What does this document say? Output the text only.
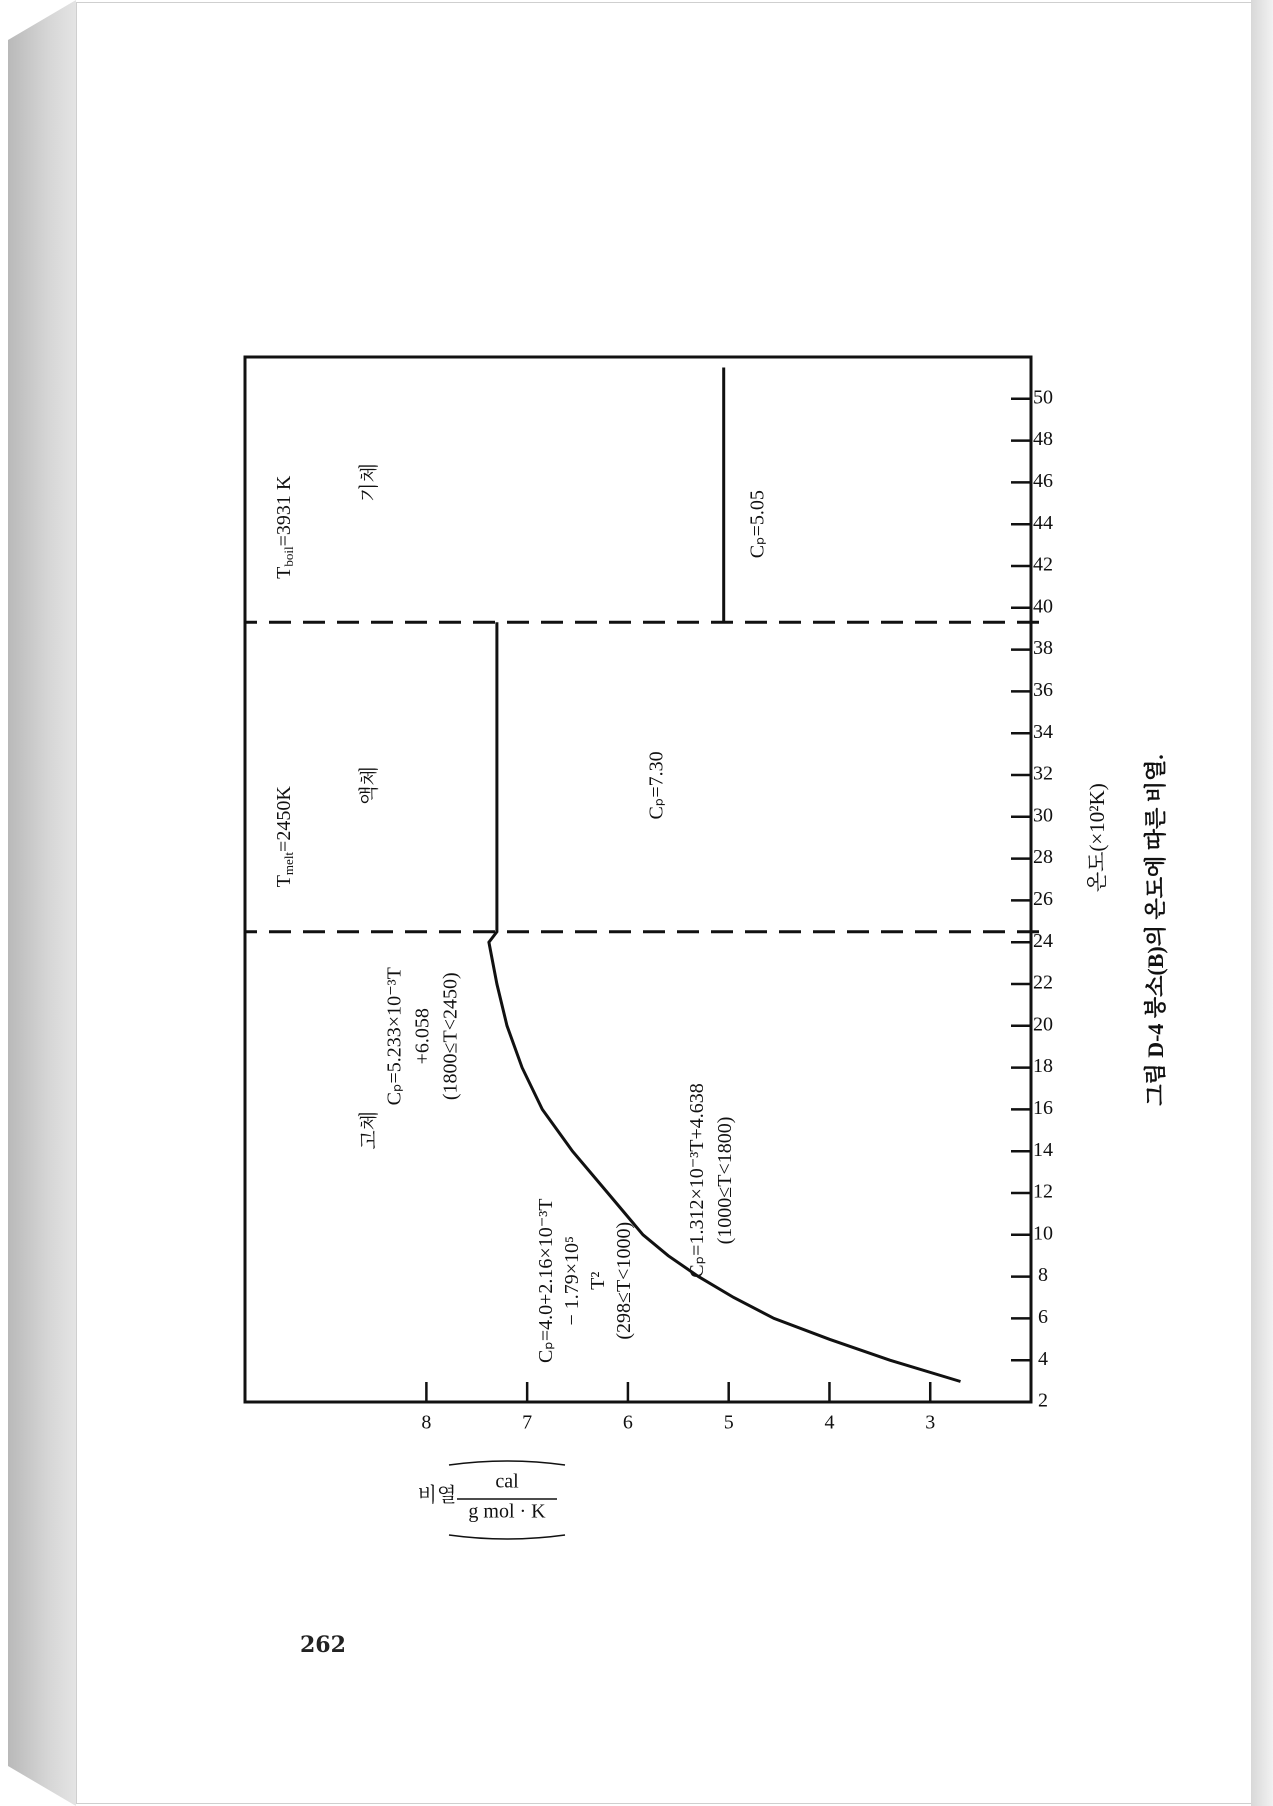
2
4
6
8
10
12
14
16
18
20
22
24
26
28
30
32
34
36
38
40
42
44
46
48
50
3
4
5
6
7
8
$T_{melt}=2450K$
$T_{boil}=3931$ K
고체
액체
기체
Cₚ=4.0+2.16×10⁻³T − 1.79×10⁵ T² (298≤T<1000)
Cₚ=1.312×10⁻³T+4.638 (1000≤T<1800)
Cₚ=5.233×10⁻³T +6.058 (1800≤T<2450)
Cₚ=7.30
Cₚ=5.05
온도(×10²K)
비열
cal
g mol · K
그림 D-4 붕소(B)의 온도에 따른 비열.
262
